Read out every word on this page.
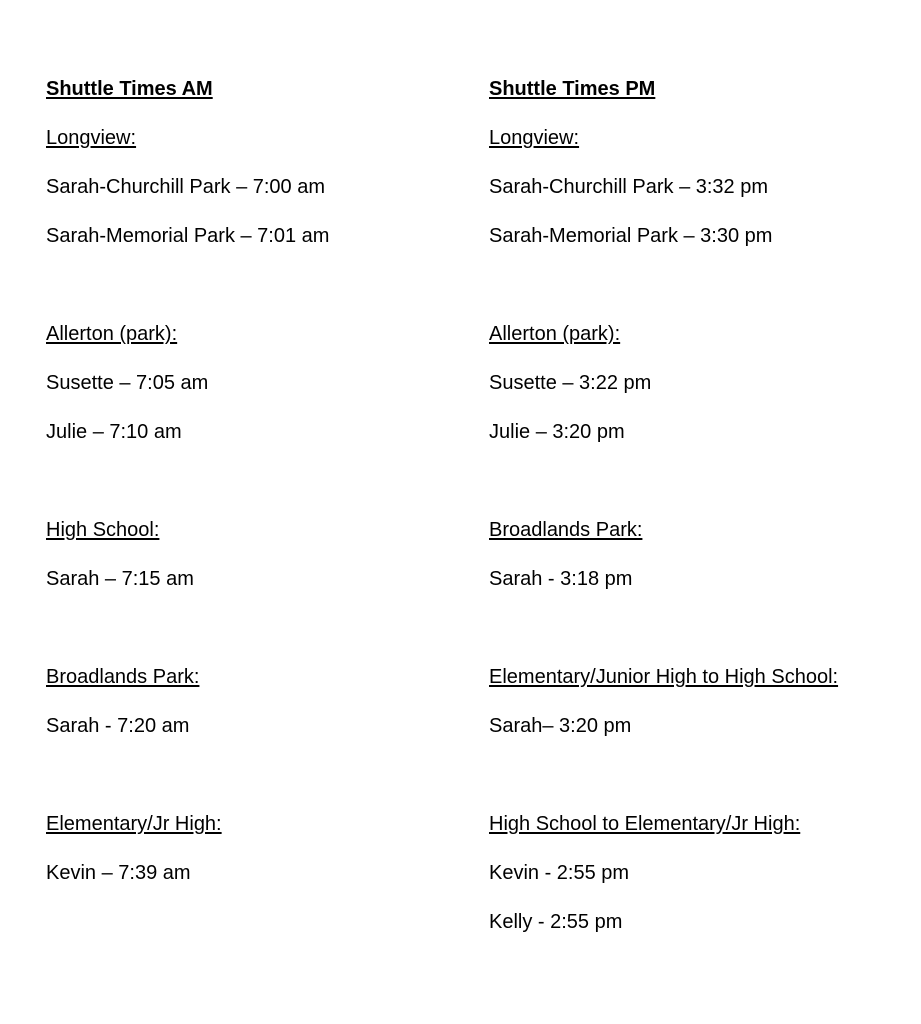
Shuttle Times AM
Longview:
Sarah-Churchill Park – 7:00 am
Sarah-Memorial Park – 7:01 am
Allerton (park):
Susette – 7:05 am
Julie – 7:10 am
High School:
Sarah – 7:15 am
Broadlands Park:
Sarah - 7:20 am
Elementary/Jr High:
Kevin – 7:39 am
Shuttle Times PM
Longview:
Sarah-Churchill Park – 3:32 pm
Sarah-Memorial Park – 3:30 pm
Allerton (park):
Susette – 3:22 pm
Julie – 3:20 pm
Broadlands Park:
Sarah - 3:18 pm
Elementary/Junior High to High School:
Sarah– 3:20 pm
High School to Elementary/Jr High:
Kevin - 2:55 pm
Kelly - 2:55 pm
